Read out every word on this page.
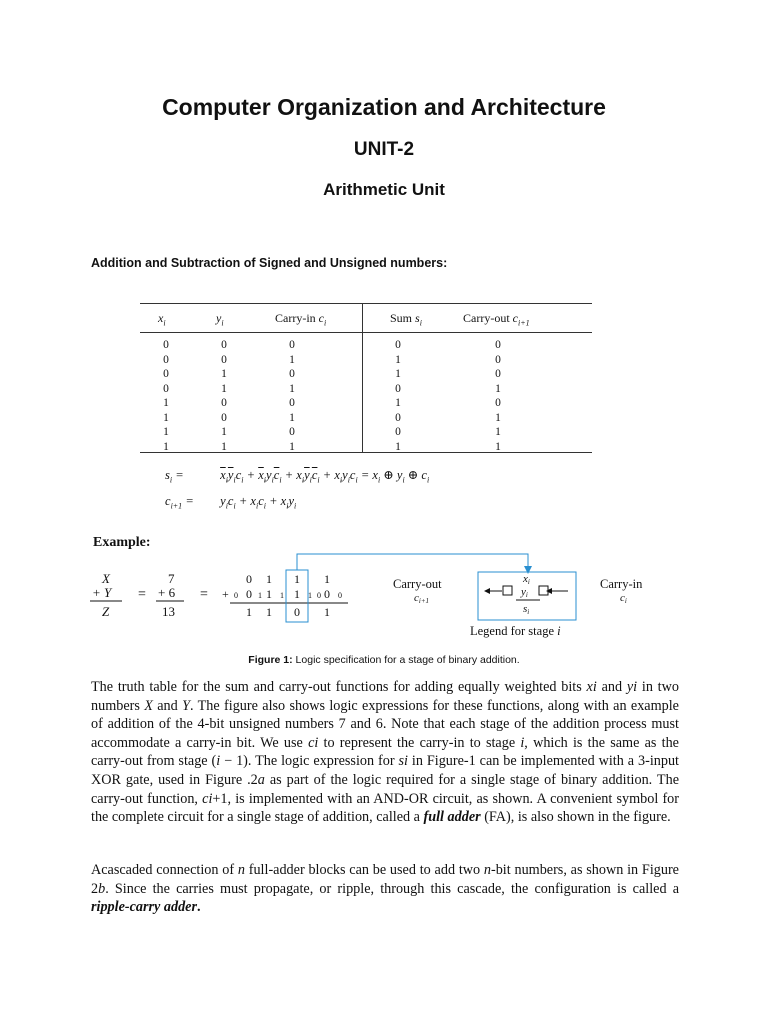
Computer Organization and Architecture
UNIT-2
Arithmetic Unit
Addition and Subtraction of Signed and Unsigned numbers:
$x_i$	$y_i$	Carry-in $c_i$	Sum $s_i$	Carry-out $c_{i+1}$
0	0	0	0	0
0	0	1	1	0
0	1	0	1	0
0	1	1	0	1
1	0	0	1	0
1	0	1	0	1
1	1	0	0	1
1	1	1	1	1
$s_i$ =	$\overline{x}_i\overline{y}_ic_i + \overline{x}_iy_i\overline{c}_i + x_i\overline{y}_i\overline{c}_i + x_iy_ic_i = x_i$ ⊕ $y_i$ ⊕ $c_i$
$c_{i+1} = y_ic_i + x_ic_i + x_iy_i$
Example:
X
+ Y
Z
=
7
+ 6
13
=
0 1 1 1
+ 0 0 1 1 1 1 1 0 0 0
1 1 0 1
xi
yi
si
Carry-out
ci+1
Carry-in
ci
Legend for stage i
Figure 1: Logic specification for a stage of binary addition.
The truth table for the sum and carry-out functions for adding equally weighted bits xi and yi in two numbers X and Y. The figure also shows logic expressions for these functions, along with an example of addition of the 4-bit unsigned numbers 7 and 6. Note that each stage of the addition process must accommodate a carry-in bit. We use ci to represent the carry-in to stage i, which is the same as the carry-out from stage (i − 1). The logic expression for si in Figure-1 can be implemented with a 3-input XOR gate, used in Figure .2a as part of the logic required for a single stage of binary addition. The carry-out function, ci+1, is implemented with an AND-OR circuit, as shown. A convenient symbol for the complete circuit for a single stage of addition, called a full adder (FA), is also shown in the figure.
Acascaded connection of n full-adder blocks can be used to add two n-bit numbers, as shown in Figure 2b. Since the carries must propagate, or ripple, through this cascade, the configuration is called a ripple-carry adder.
